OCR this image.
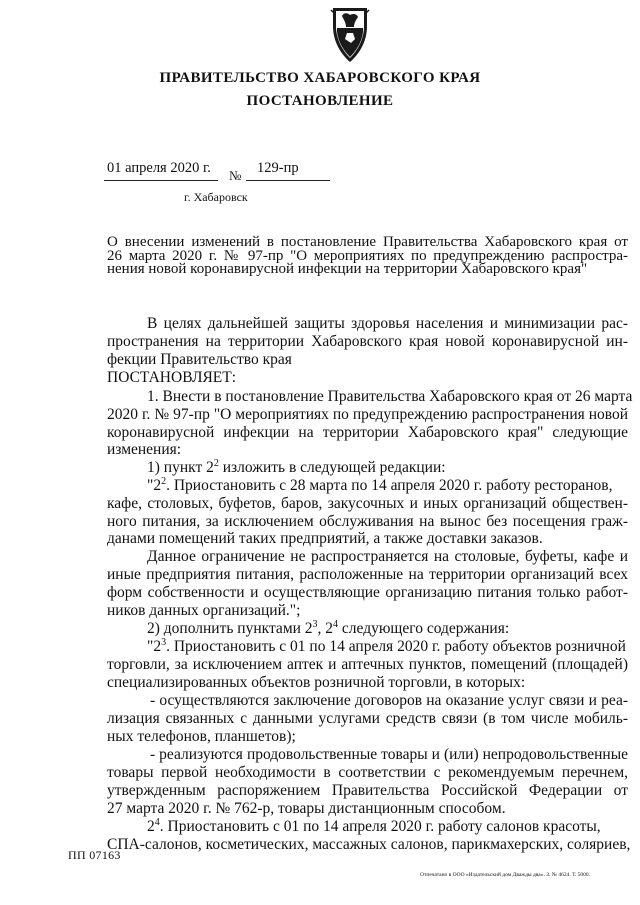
ПРАВИТЕЛЬСТВО ХАБАРОВСКОГО КРАЯ
ПОСТАНОВЛЕНИЕ
01 апреля 2020 г. № 129-пр
г. Хабаровск
О внесении изменений в постановление Правительства Хабаровского края от
26 марта 2020 г. № 97-пр "О мероприятиях по предупреждению распростра-
нения новой коронавирусной инфекции на территории Хабаровского края"
В целях дальнейшей защиты здоровья населения и минимизации рас-
пространения на территории Хабаровского края новой коронавирусной ин-
фекции Правительство края
ПОСТАНОВЛЯЕТ:
1. Внести в постановление Правительства Хабаровского края от 26 марта
2020 г. № 97-пр "О мероприятиях по предупреждению распространения новой
коронавирусной инфекции на территории Хабаровского края" следующие
изменения:
1) пункт $2^2$ изложить в следующей редакции:
"$2^2$. Приостановить с 28 марта по 14 апреля 2020 г. работу ресторанов,
кафе, столовых, буфетов, баров, закусочных и иных организаций обществен-
ного питания, за исключением обслуживания на вынос без посещения граж-
данами помещений таких предприятий, а также доставки заказов.
Данное ограничение не распространяется на столовые, буфеты, кафе и
иные предприятия питания, расположенные на территории организаций всех
форм собственности и осуществляющие организацию питания только работ-
ников данных организаций.";
2) дополнить пунктами $2^3$, $2^4$ следующего содержания:
"$2^3$. Приостановить с 01 по 14 апреля 2020 г. работу объектов розничной
торговли, за исключением аптек и аптечных пунктов, помещений (площадей)
специализированных объектов розничной торговли, в которых:
- осуществляются заключение договоров на оказание услуг связи и реа-
лизация связанных с данными услугами средств связи (в том числе мобиль-
ных телефонов, планшетов);
- реализуются продовольственные товары и (или) непродовольственные
товары первой необходимости в соответствии с рекомендуемым перечнем,
утвержденным распоряжением Правительства Российской Федерации от
27 марта 2020 г. № 762-р, товары дистанционным способом.
$2^4$. Приостановить с 01 по 14 апреля 2020 г. работу салонов красоты,
СПА-салонов, косметических, массажных салонов, парикмахерских, соляриев,
ПП 07163
Отпечатано в ООО «Издательский дом Дважды два». З. № 4624. Т. 5000.
